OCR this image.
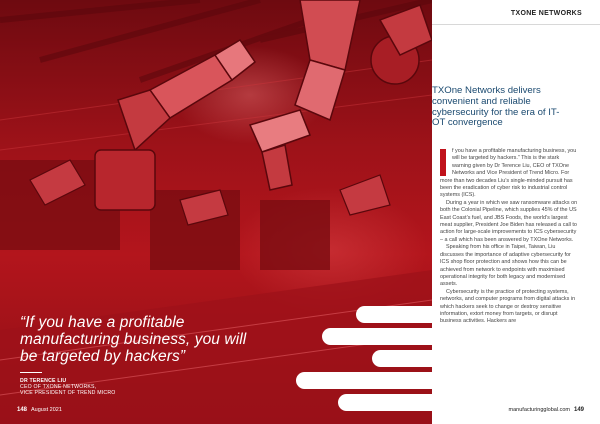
“If you have a profitable manufacturing business, you will be targeted by hackers”
DR TERENCE LIU
CEO OF TXONE NETWORKS,
VICE PRESIDENT OF TREND MICRO
148 August 2021
TXONE NETWORKS
TXOne Networks delivers convenient and reliable cybersecurity for the era of IT-OT convergence

f you have a profitable manufacturing business, you will be targeted by hackers.” This is the stark warning given by Dr Terence Liu, CEO of TXOne Networks and Vice President of Trend Micro. For more than two decades Liu’s single-minded pursuit has been the eradication of cyber risk to industrial control systems (ICS).

During a year in which we saw ransomware attacks on both the Colonial Pipeline, which supplies 45% of the US East Coast’s fuel, and JBS Foods, the world’s largest meat supplier, President Joe Biden has released a call to action for large-scale improvements to ICS cybersecurity – a call which has been answered by TXOne Networks.

Speaking from his office in Taipei, Taiwan, Liu discusses the importance of adaptive cybersecurity for ICS shop floor protection and shows how this can be achieved from network to endpoints with maximised operational integrity for both legacy and modernised assets.

Cybersecurity is the practice of protecting systems, networks, and computer programs from digital attacks in which hackers seek to change or destroy sensitive information, extort money from targets, or disrupt business activities. Hackers are

manufacturingglobal.com 149
